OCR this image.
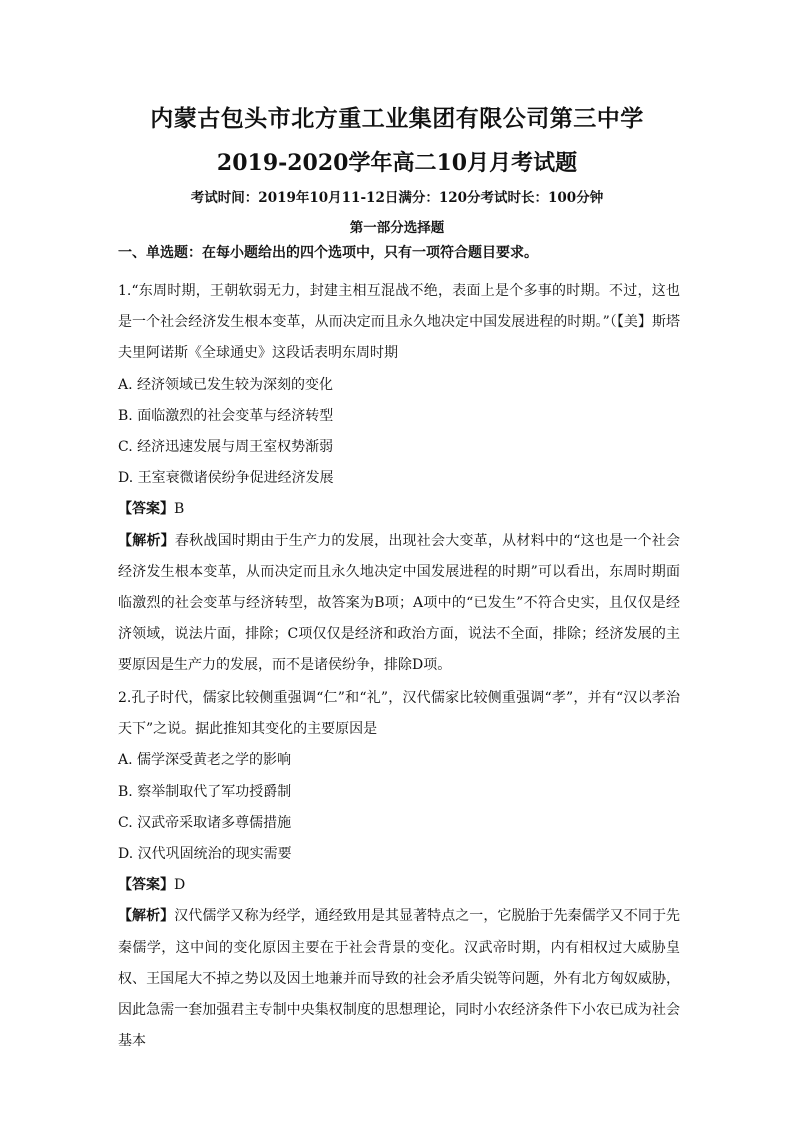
内蒙古包头市北方重工业集团有限公司第三中学
2019-2020学年高二10月月考试题
考试时间：2019年10月11-12日满分：120分考试时长：100分钟
第一部分选择题
一、单选题：在每小题给出的四个选项中，只有一项符合题目要求。

1.“东周时期，王朝软弱无力，封建主相互混战不绝，表面上是个多事的时期。不过，这也是一个社会经济发生根本变革，从而决定而且永久地决定中国发展进程的时期。”（【美】斯塔夫里阿诺斯《全球通史》这段话表明东周时期

A. 经济领域已发生较为深刻的变化

B. 面临激烈的社会变革与经济转型

C. 经济迅速发展与周王室权势渐弱

D. 王室衰微诸侯纷争促进经济发展

【答案】B

【解析】春秋战国时期由于生产力的发展，出现社会大变革，从材料中的“这也是一个社会经济发生根本变革，从而决定而且永久地决定中国发展进程的时期”可以看出，东周时期面临激烈的社会变革与经济转型，故答案为B项；A项中的“已发生”不符合史实，且仅仅是经济领域，说法片面，排除；C项仅仅是经济和政治方面，说法不全面，排除；经济发展的主要原因是生产力的发展，而不是诸侯纷争，排除D项。

2.孔子时代，儒家比较侧重强调“仁”和“礼”，汉代儒家比较侧重强调“孝”，并有“汉以孝治天下”之说。据此推知其变化的主要原因是

A. 儒学深受黄老之学的影响

B. 察举制取代了军功授爵制

C. 汉武帝采取诸多尊儒措施

D. 汉代巩固统治的现实需要

【答案】D

【解析】汉代儒学又称为经学，通经致用是其显著特点之一，它脱胎于先秦儒学又不同于先秦儒学，这中间的变化原因主要在于社会背景的变化。汉武帝时期，内有相权过大威胁皇权、王国尾大不掉之势以及因土地兼并而导致的社会矛盾尖锐等问题，外有北方匈奴威胁，因此急需一套加强君主专制中央集权制度的思想理论，同时小农经济条件下小农已成为社会基本
